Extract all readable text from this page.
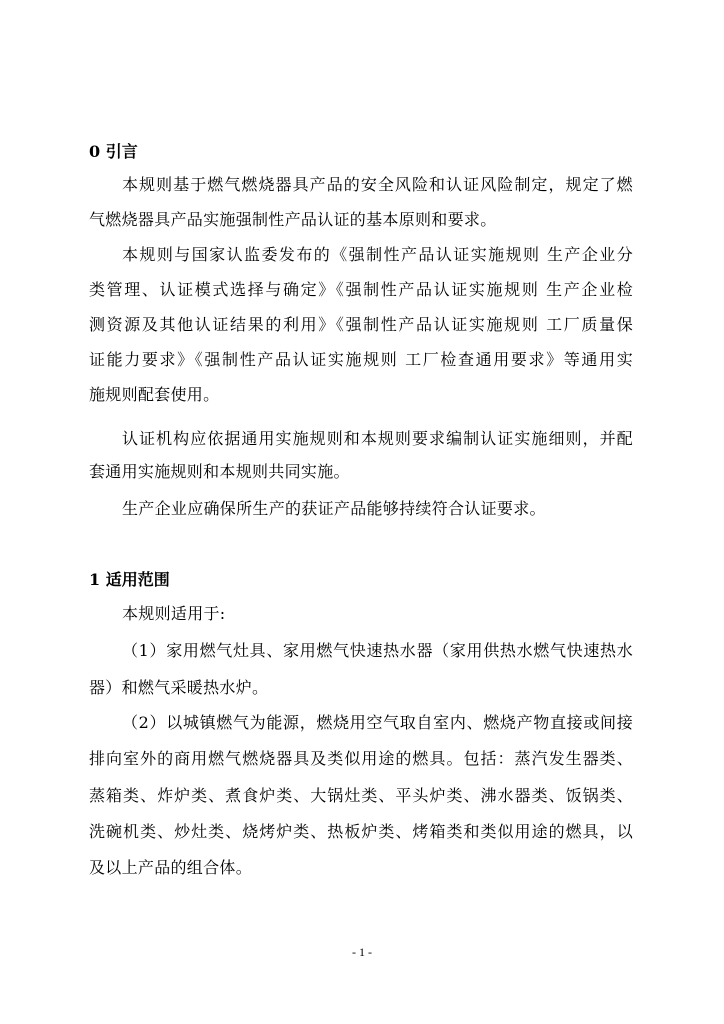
0 引言
本规则基于燃气燃烧器具产品的安全风险和认证风险制定，规定了燃
气燃烧器具产品实施强制性产品认证的基本原则和要求。
本规则与国家认监委发布的《强制性产品认证实施规则 生产企业分
类管理、认证模式选择与确定》《强制性产品认证实施规则 生产企业检
测资源及其他认证结果的利用》《强制性产品认证实施规则 工厂质量保
证能力要求》《强制性产品认证实施规则 工厂检查通用要求》等通用实
施规则配套使用。
认证机构应依据通用实施规则和本规则要求编制认证实施细则，并配
套通用实施规则和本规则共同实施。
生产企业应确保所生产的获证产品能够持续符合认证要求。
1 适用范围
本规则适用于:
（1）家用燃气灶具、家用燃气快速热水器（家用供热水燃气快速热水
器）和燃气采暖热水炉。
（2）以城镇燃气为能源，燃烧用空气取自室内、燃烧产物直接或间接
排向室外的商用燃气燃烧器具及类似用途的燃具。包括：蒸汽发生器类、
蒸箱类、炸炉类、煮食炉类、大锅灶类、平头炉类、沸水器类、饭锅类、
洗碗机类、炒灶类、烧烤炉类、热板炉类、烤箱类和类似用途的燃具，以
及以上产品的组合体。
- 1 -
